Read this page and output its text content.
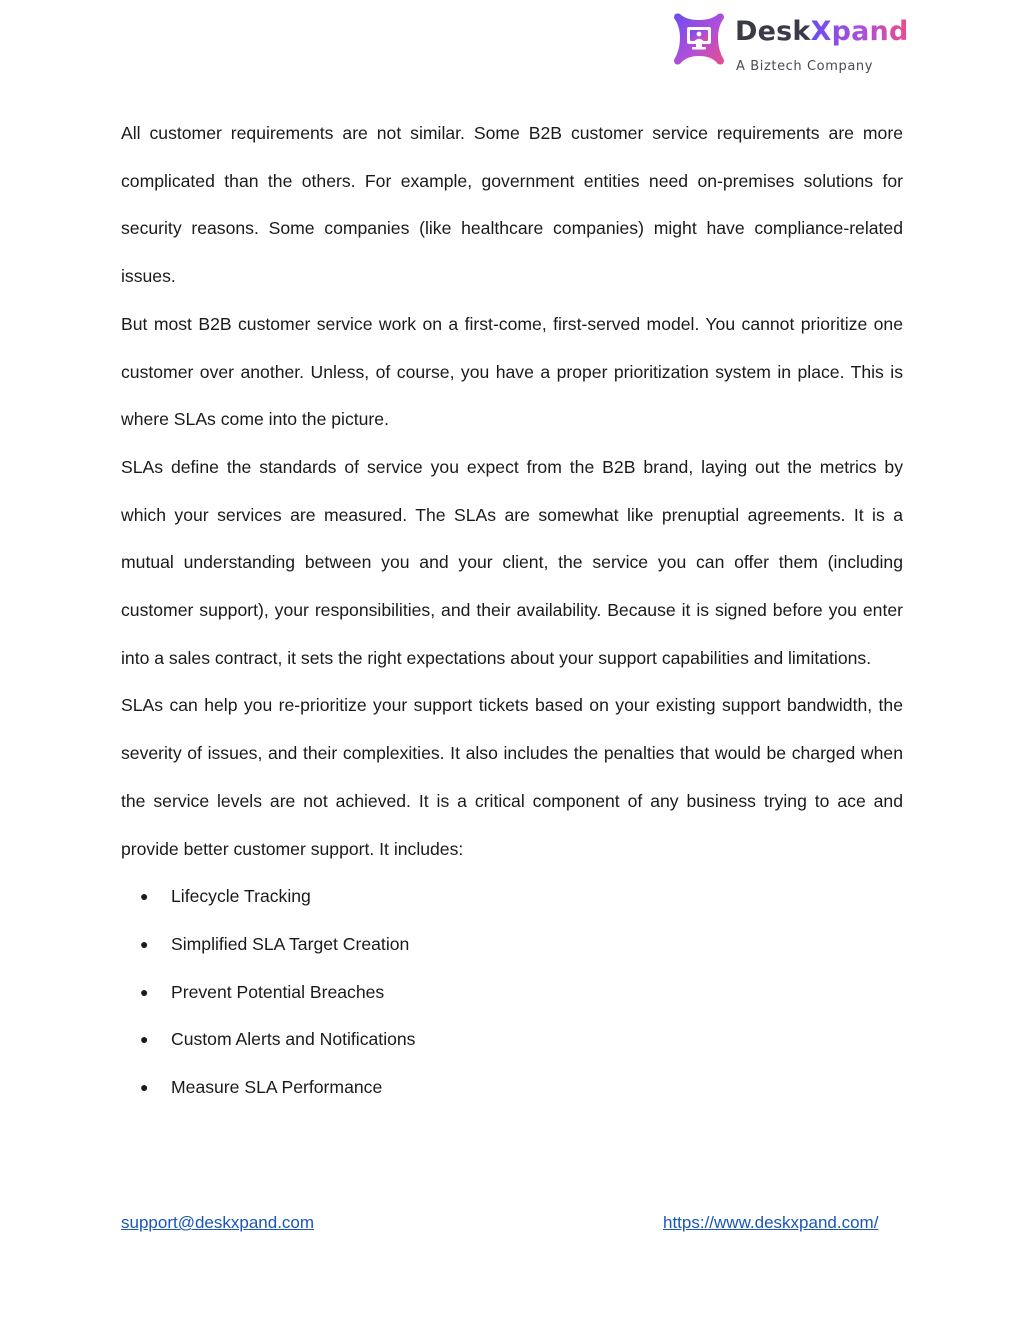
DeskXpand
A Biztech Company

All customer requirements are not similar. Some B2B customer service requirements are more complicated than the others. For example, government entities need on-premises solutions for security reasons. Some companies (like healthcare companies) might have compliance-related issues.

But most B2B customer service work on a first-come, first-served model. You cannot prioritize one customer over another. Unless, of course, you have a proper prioritization system in place. This is where SLAs come into the picture.

SLAs define the standards of service you expect from the B2B brand, laying out the metrics by which your services are measured. The SLAs are somewhat like prenuptial agreements. It is a mutual understanding between you and your client, the service you can offer them (including customer support), your responsibilities, and their availability. Because it is signed before you enter into a sales contract, it sets the right expectations about your support capabilities and limitations.

SLAs can help you re-prioritize your support tickets based on your existing support bandwidth, the severity of issues, and their complexities. It also includes the penalties that would be charged when the service levels are not achieved. It is a critical component of any business trying to ace and provide better customer support. It includes:

● Lifecycle Tracking
● Simplified SLA Target Creation
● Prevent Potential Breaches
● Custom Alerts and Notifications
● Measure SLA Performance
support@deskxpand.com	https://www.deskxpand.com/
